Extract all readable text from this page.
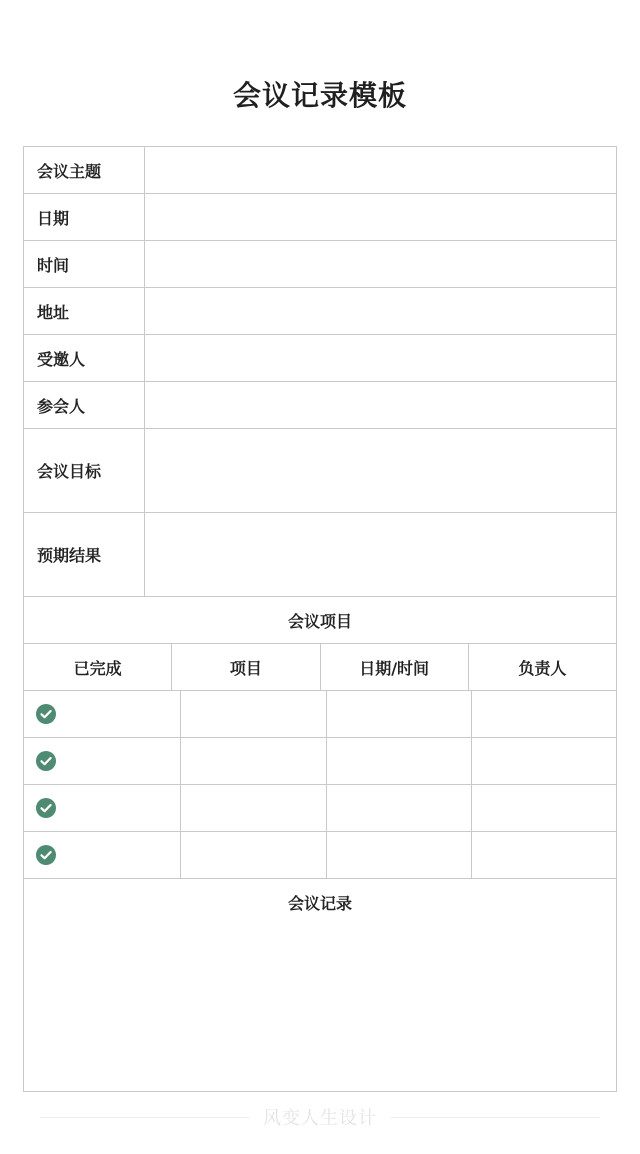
会议记录模板
会议主题
日期
时间
地址
受邀人
参会人
会议目标
预期结果
会议项目
已完成	项目	日期/时间	负责人
会议记录
风变人生设计
